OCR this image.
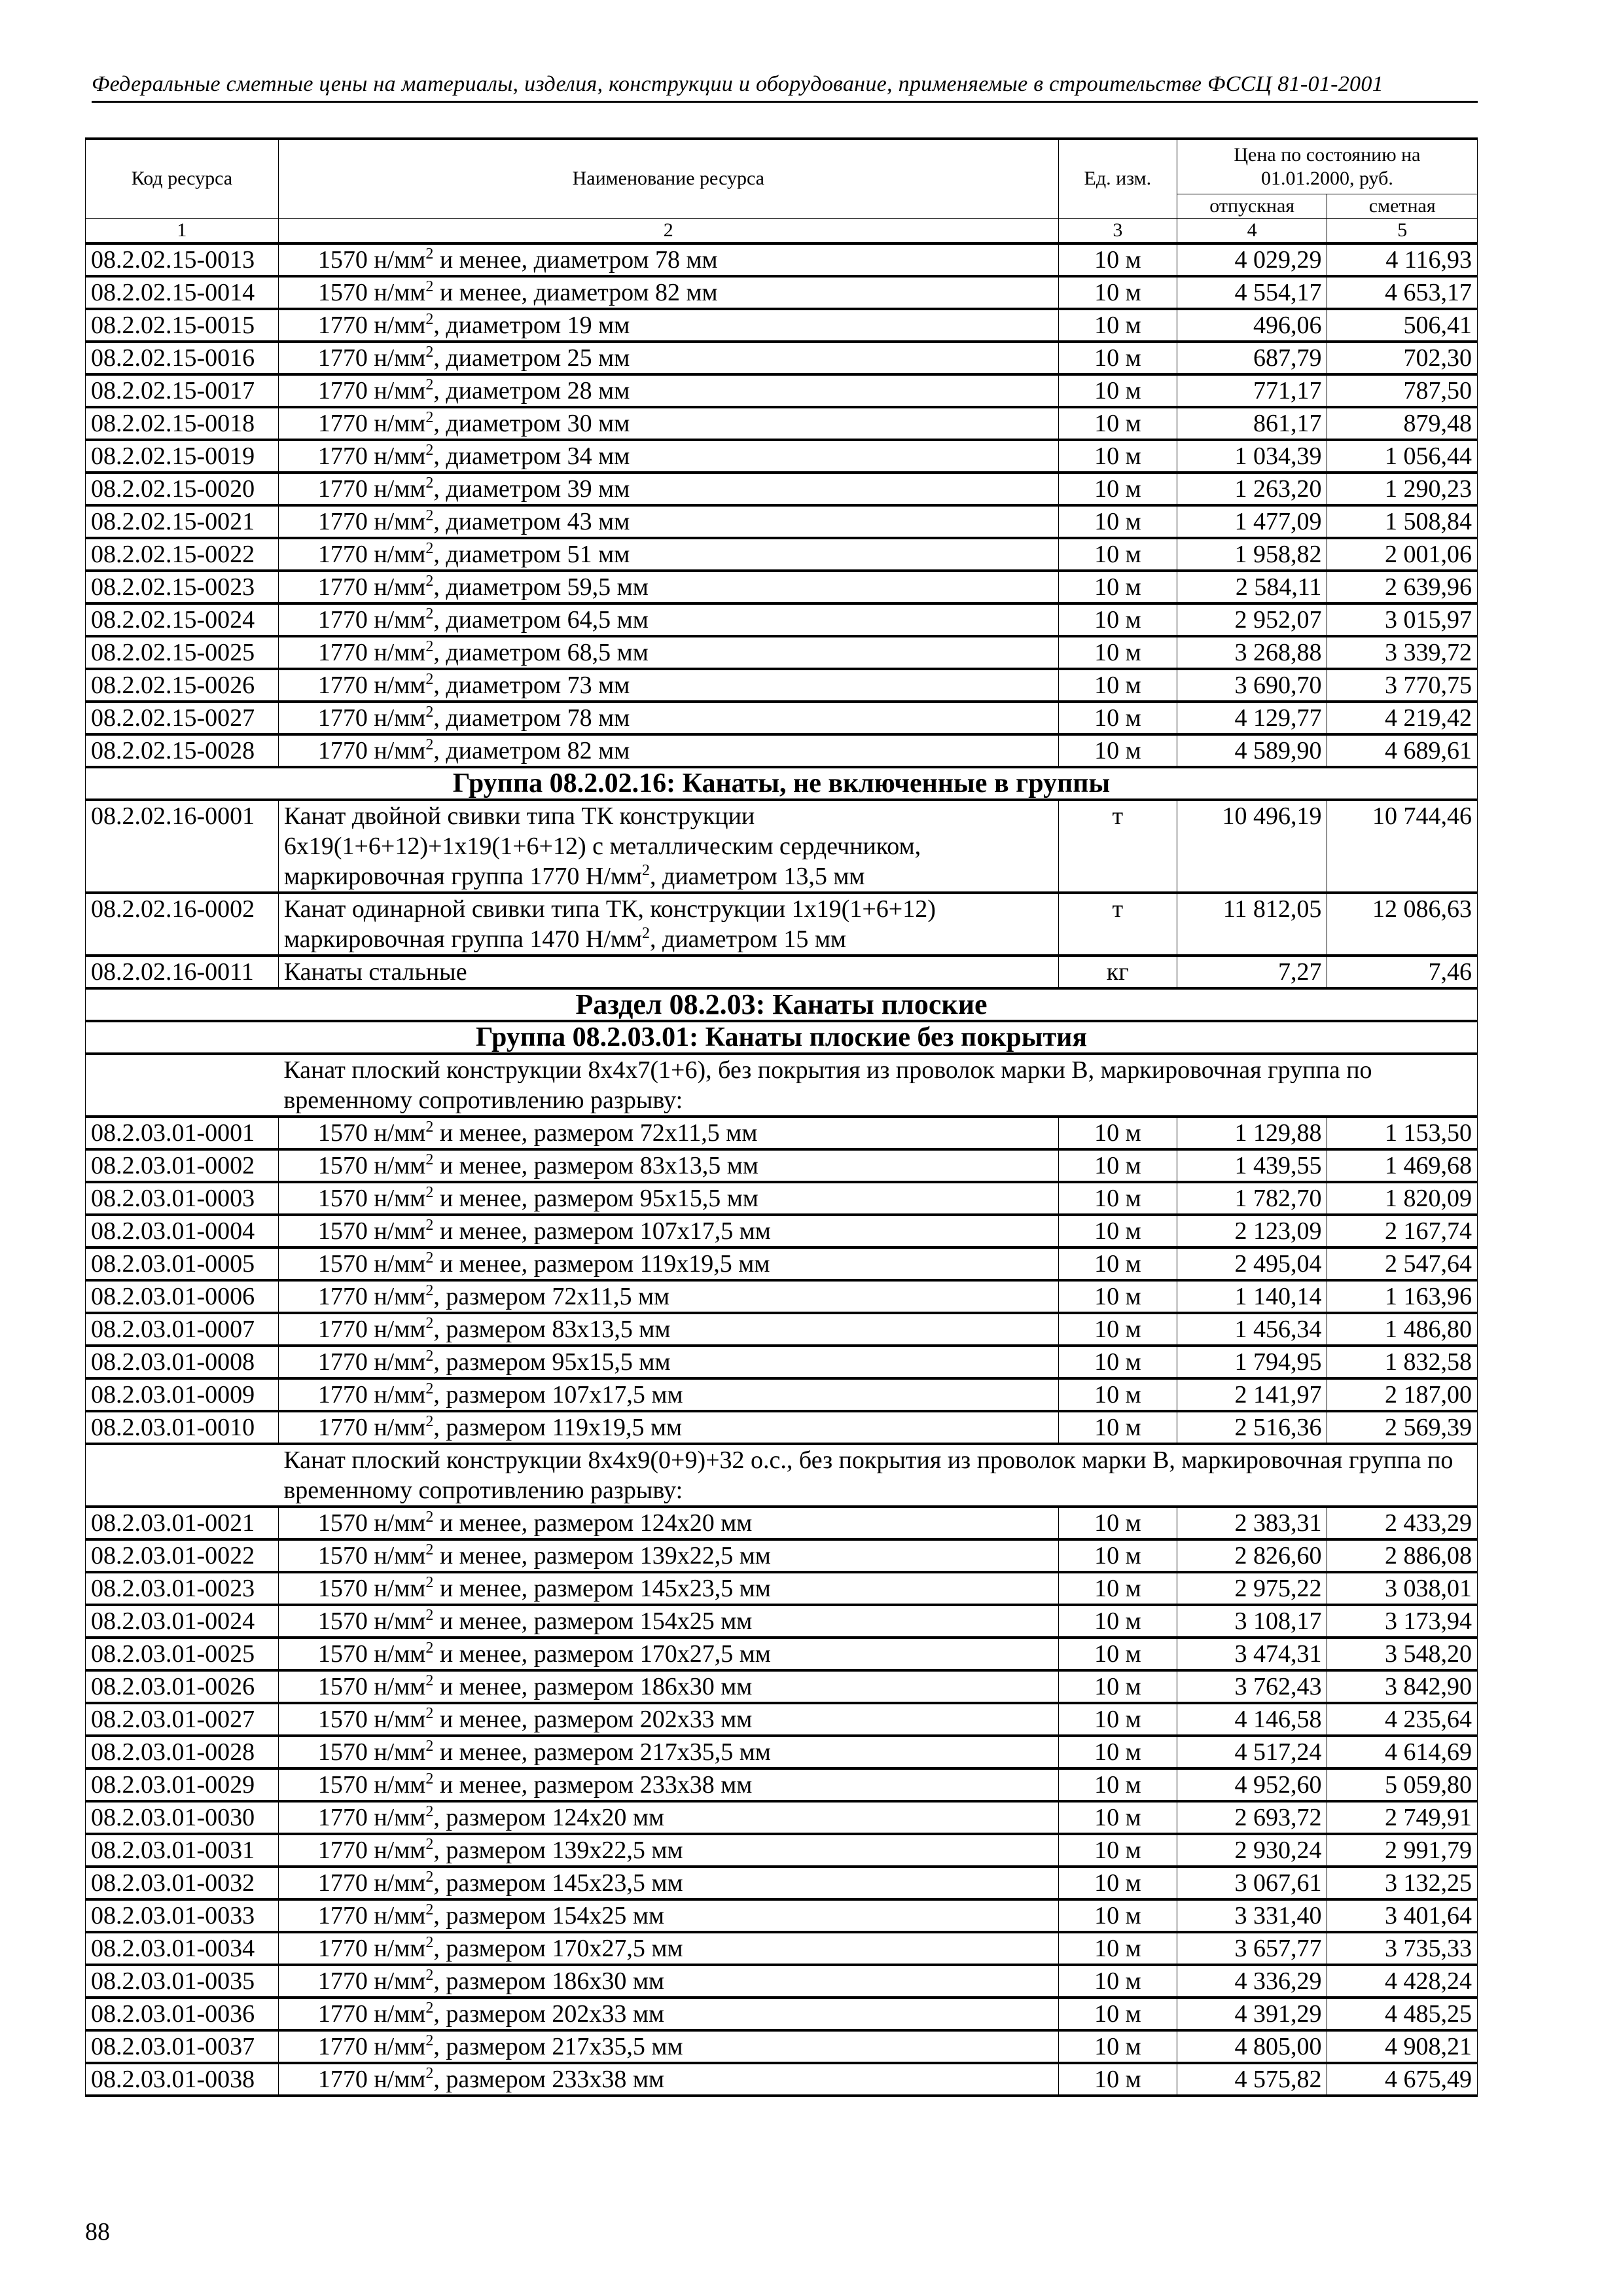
Федеральные сметные цены на материалы, изделия, конструкции и оборудование, применяемые в строительстве ФССЦ 81-01-2001
Код ресурса	Наименование ресурса	Ед. изм.	Цена по состоянию на 01.01.2000, руб.	
			отпускная	сметная
1	2	3	4	5
08.2.02.15-0013	1570 $н/мм^2$ и менее, диаметром 78 мм	10 м	4 029,29	4 116,93
08.2.02.15-0014	1570 $н/мм^2$ и менее, диаметром 82 мм	10 м	4 554,17	4 653,17
08.2.02.15-0015	1770 $н/мм^2$, диаметром 19 мм	10 м	496,06	506,41
08.2.02.15-0016	1770 $н/мм^2$, диаметром 25 мм	10 м	687,79	702,30
08.2.02.15-0017	1770 $н/мм^2$, диаметром 28 мм	10 м	771,17	787,50
08.2.02.15-0018	1770 $н/мм^2$, диаметром 30 мм	10 м	861,17	879,48
08.2.02.15-0019	1770 $н/мм^2$, диаметром 34 мм	10 м	1 034,39	1 056,44
08.2.02.15-0020	1770 $н/мм^2$, диаметром 39 мм	10 м	1 263,20	1 290,23
08.2.02.15-0021	1770 $н/мм^2$, диаметром 43 мм	10 м	1 477,09	1 508,84
08.2.02.15-0022	1770 $н/мм^2$, диаметром 51 мм	10 м	1 958,82	2 001,06
08.2.02.15-0023	1770 $н/мм^2$, диаметром 59,5 мм	10 м	2 584,11	2 639,96
08.2.02.15-0024	1770 $н/мм^2$, диаметром 64,5 мм	10 м	2 952,07	3 015,97
08.2.02.15-0025	1770 $н/мм^2$, диаметром 68,5 мм	10 м	3 268,88	3 339,72
08.2.02.15-0026	1770 $н/мм^2$, диаметром 73 мм	10 м	3 690,70	3 770,75
08.2.02.15-0027	1770 $н/мм^2$, диаметром 78 мм	10 м	4 129,77	4 219,42
08.2.02.15-0028	1770 $н/мм^2$, диаметром 82 мм	10 м	4 589,90	4 689,61
Группа 08.2.02.16: Канаты, не включенные в группы				
08.2.02.16-0001	Канат двойной свивки типа ТК конструкции 6х19(1+6+12)+1х19(1+6+12) с металлическим сердечником, маркировочная группа 1770 $Н/мм^2$, диаметром 13,5 мм	т	10 496,19	10 744,46
08.2.02.16-0002	Канат одинарной свивки типа ТК, конструкции 1х19(1+6+12) маркировочная группа 1470 $Н/мм^2$, диаметром 15 мм	т	11 812,05	12 086,63
08.2.02.16-0011	Канаты стальные	кг	7,27	7,46
Раздел 08.2.03: Канаты плоские				
Группа 08.2.03.01: Канаты плоские без покрытия				
	Канат плоский конструкции 8х4х7(1+6), без покрытия из проволок марки В, маркировочная группа по временному сопротивлению разрыву:			
08.2.03.01-0001	1570 $н/мм^2$ и менее, размером 72х11,5 мм	10 м	1 129,88	1 153,50
08.2.03.01-0002	1570 $н/мм^2$ и менее, размером 83х13,5 мм	10 м	1 439,55	1 469,68
08.2.03.01-0003	1570 $н/мм^2$ и менее, размером 95х15,5 мм	10 м	1 782,70	1 820,09
08.2.03.01-0004	1570 $н/мм^2$ и менее, размером 107х17,5 мм	10 м	2 123,09	2 167,74
08.2.03.01-0005	1570 $н/мм^2$ и менее, размером 119х19,5 мм	10 м	2 495,04	2 547,64
08.2.03.01-0006	1770 $н/мм^2$, размером 72х11,5 мм	10 м	1 140,14	1 163,96
08.2.03.01-0007	1770 $н/мм^2$, размером 83х13,5 мм	10 м	1 456,34	1 486,80
08.2.03.01-0008	1770 $н/мм^2$, размером 95х15,5 мм	10 м	1 794,95	1 832,58
08.2.03.01-0009	1770 $н/мм^2$, размером 107х17,5 мм	10 м	2 141,97	2 187,00
08.2.03.01-0010	1770 $н/мм^2$, размером 119х19,5 мм	10 м	2 516,36	2 569,39
	Канат плоский конструкции 8х4х9(0+9)+32 о.с., без покрытия из проволок марки В, маркировочная группа по временному сопротивлению разрыву:			
08.2.03.01-0021	1570 $н/мм^2$ и менее, размером 124х20 мм	10 м	2 383,31	2 433,29
08.2.03.01-0022	1570 $н/мм^2$ и менее, размером 139х22,5 мм	10 м	2 826,60	2 886,08
08.2.03.01-0023	1570 $н/мм^2$ и менее, размером 145х23,5 мм	10 м	2 975,22	3 038,01
08.2.03.01-0024	1570 $н/мм^2$ и менее, размером 154х25 мм	10 м	3 108,17	3 173,94
08.2.03.01-0025	1570 $н/мм^2$ и менее, размером 170х27,5 мм	10 м	3 474,31	3 548,20
08.2.03.01-0026	1570 $н/мм^2$ и менее, размером 186х30 мм	10 м	3 762,43	3 842,90
08.2.03.01-0027	1570 $н/мм^2$ и менее, размером 202х33 мм	10 м	4 146,58	4 235,64
08.2.03.01-0028	1570 $н/мм^2$ и менее, размером 217х35,5 мм	10 м	4 517,24	4 614,69
08.2.03.01-0029	1570 $н/мм^2$ и менее, размером 233х38 мм	10 м	4 952,60	5 059,80
08.2.03.01-0030	1770 $н/мм^2$, размером 124х20 мм	10 м	2 693,72	2 749,91
08.2.03.01-0031	1770 $н/мм^2$, размером 139х22,5 мм	10 м	2 930,24	2 991,79
08.2.03.01-0032	1770 $н/мм^2$, размером 145х23,5 мм	10 м	3 067,61	3 132,25
08.2.03.01-0033	1770 $н/мм^2$, размером 154х25 мм	10 м	3 331,40	3 401,64
08.2.03.01-0034	1770 $н/мм^2$, размером 170х27,5 мм	10 м	3 657,77	3 735,33
08.2.03.01-0035	1770 $н/мм^2$, размером 186х30 мм	10 м	4 336,29	4 428,24
08.2.03.01-0036	1770 $н/мм^2$, размером 202х33 мм	10 м	4 391,29	4 485,25
08.2.03.01-0037	1770 $н/мм^2$, размером 217х35,5 мм	10 м	4 805,00	4 908,21
08.2.03.01-0038	1770 $н/мм^2$, размером 233х38 мм	10 м	4 575,82	4 675,49
88
